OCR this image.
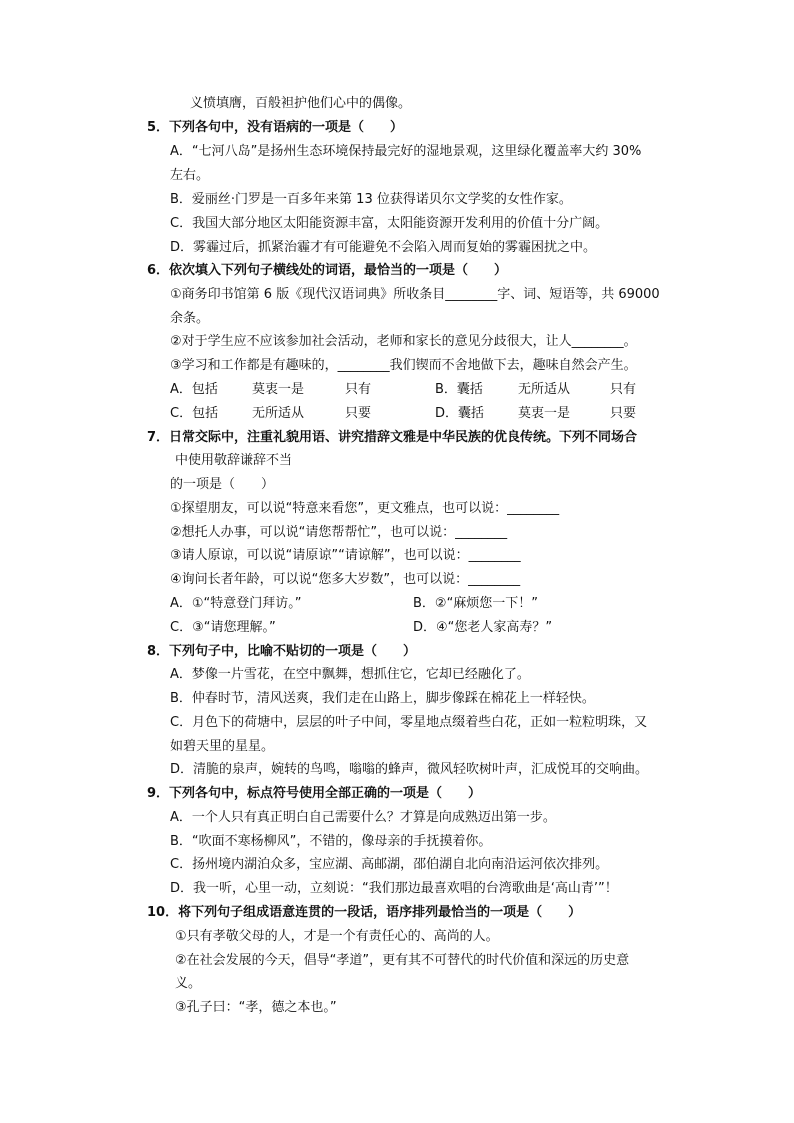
义愤填膺，百般袒护他们心中的偶像。
5．下列各句中，没有语病的一项是（　　）
A．“七河八岛”是扬州生态环境保持最完好的湿地景观，这里绿化覆盖率大约 30%
左右。
B．爱丽丝·门罗是一百多年来第 13 位获得诺贝尔文学奖的女性作家。
C．我国大部分地区太阳能资源丰富，太阳能资源开发利用的价值十分广阔。
D．雾霾过后，抓紧治霾才有可能避免不会陷入周而复始的雾霾困扰之中。
6．依次填入下列句子横线处的词语，最恰当的一项是（　　）
①商务印书馆第 6 版《现代汉语词典》所收条目________字、词、短语等，共 69000
余条。
②对于学生应不应该参加社会活动，老师和家长的意见分歧很大，让人________。
③学习和工作都是有趣味的，________我们锲而不舍地做下去，趣味自然会产生。
A．包括	莫衷一是	只有	B．囊括	无所适从	只有
C．包括	无所适从	只要	D．囊括	莫衷一是	只要
7．日常交际中，注重礼貌用语、讲究措辞文雅是中华民族的优良传统。下列不同场合
中使用敬辞谦辞不当
的一项是（　　）
①探望朋友，可以说“特意来看您”，更文雅点，也可以说：________
②想托人办事，可以说“请您帮帮忙”，也可以说：________
③请人原谅，可以说“请原谅”“请谅解”，也可以说：________
④询问长者年龄，可以说“您多大岁数”，也可以说：________
A．①“特意登门拜访。”	B．②“麻烦您一下！”
C．③“请您理解。”	D．④“您老人家高寿？”
8．下列句子中，比喻不贴切的一项是（　　）
A．梦像一片雪花，在空中飘舞，想抓住它，它却已经融化了。
B．仲春时节，清风送爽，我们走在山路上，脚步像踩在棉花上一样轻快。
C．月色下的荷塘中，层层的叶子中间，零星地点缀着些白花，正如一粒粒明珠，又
如碧天里的星星。
D．清脆的泉声，婉转的鸟鸣，嗡嗡的蜂声，微风轻吹树叶声，汇成悦耳的交响曲。
9．下列各句中，标点符号使用全部正确的一项是（　　）
A．一个人只有真正明白自己需要什么？才算是向成熟迈出第一步。
B．“吹面不寒杨柳风”，不错的，像母亲的手抚摸着你。
C．扬州境内湖泊众多，宝应湖、高邮湖，邵伯湖自北向南沿运河依次排列。
D．我一听，心里一动，立刻说：“我们那边最喜欢唱的台湾歌曲是‘高山青’”！
10．将下列句子组成语意连贯的一段话，语序排列最恰当的一项是（　　）
①只有孝敬父母的人，才是一个有责任心的、高尚的人。
②在社会发展的今天，倡导“孝道”，更有其不可替代的时代价值和深远的历史意
义。
③孔子曰：“孝，德之本也。”
